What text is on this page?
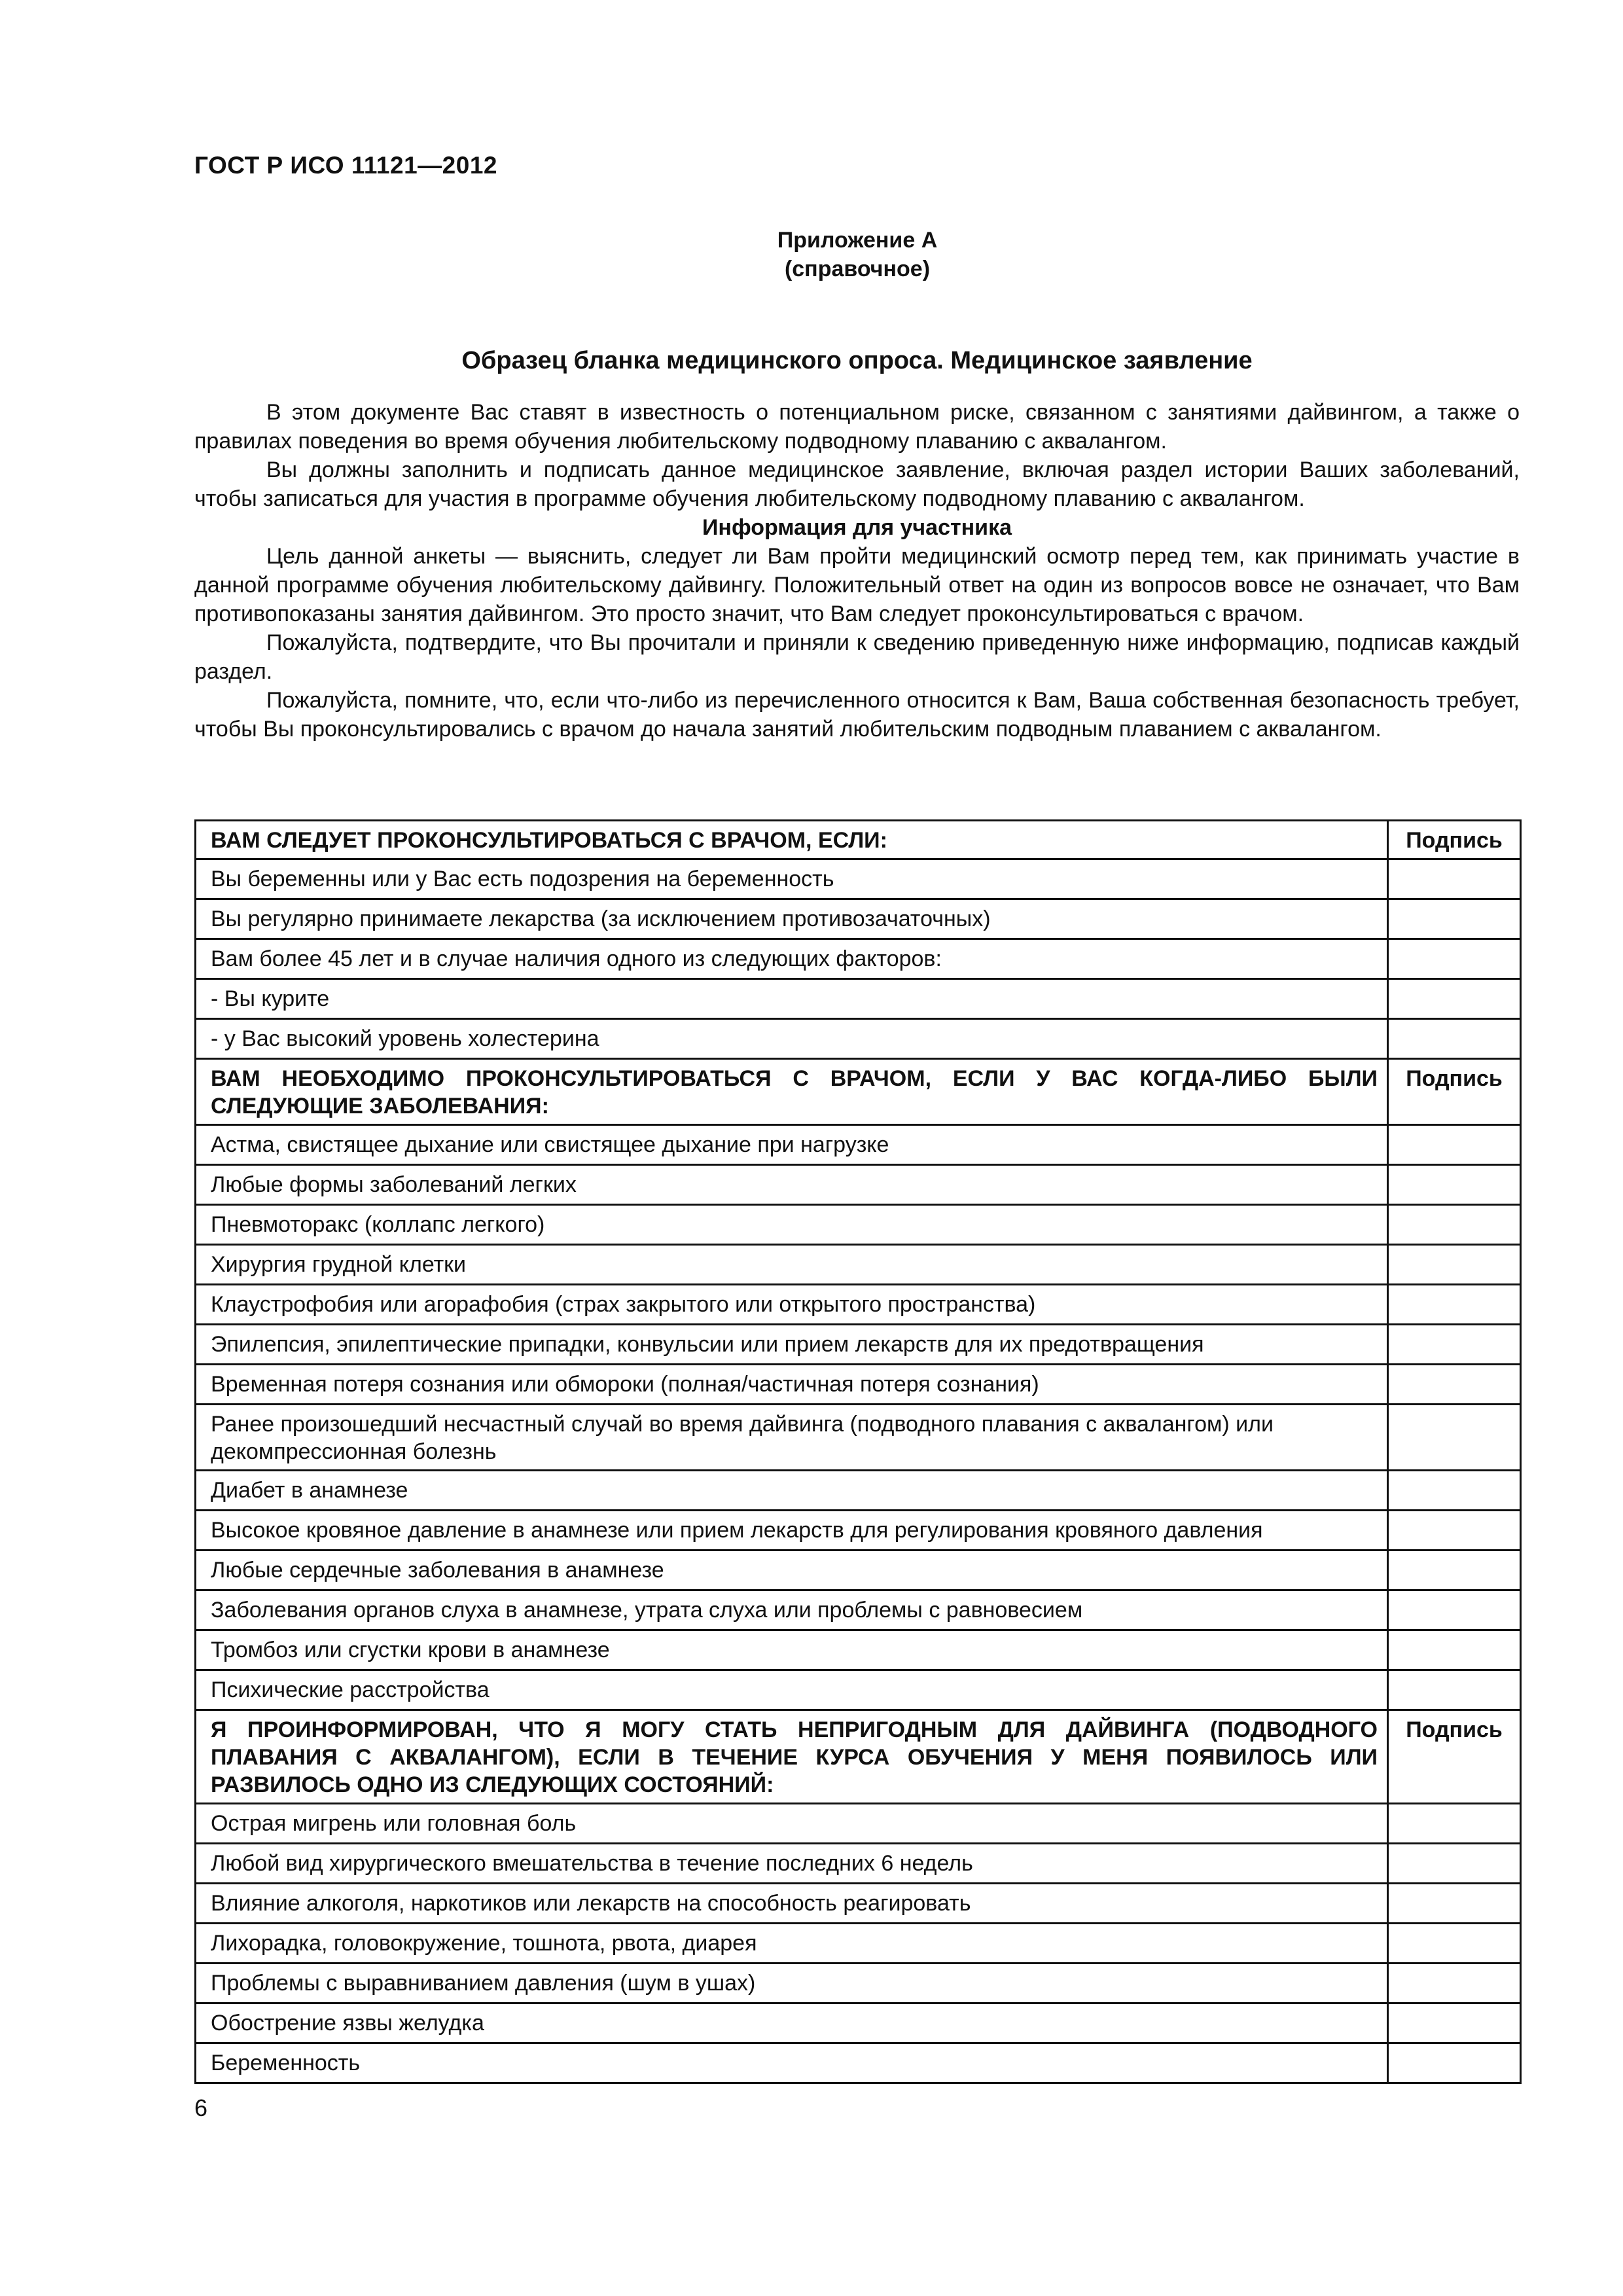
ГОСТ Р ИСО 11121—2012
Приложение А
(справочное)
Образец бланка медицинского опроса. Медицинское заявление

В этом документе Вас ставят в известность о потенциальном риске, связанном с занятиями дайвингом, а также о правилах поведения во время обучения любительскому подводному плаванию с аквалангом.

Вы должны заполнить и подписать данное медицинское заявление, включая раздел истории Ваших заболеваний, чтобы записаться для участия в программе обучения любительскому подводному плаванию с аквалангом.

Информация для участника

Цель данной анкеты — выяснить, следует ли Вам пройти медицинский осмотр перед тем, как принимать участие в данной программе обучения любительскому дайвингу. Положительный ответ на один из вопросов вовсе не означает, что Вам противопоказаны занятия дайвингом. Это просто значит, что Вам следует проконсультироваться с врачом.

Пожалуйста, подтвердите, что Вы прочитали и приняли к сведению приведенную ниже информацию, подписав каждый раздел.

Пожалуйста, помните, что, если что-либо из перечисленного относится к Вам, Ваша собственная безопасность требует, чтобы Вы проконсультировались с врачом до начала занятий любительским подводным плаванием с аквалангом.

ВАМ СЛЕДУЕТ ПРОКОНСУЛЬТИРОВАТЬСЯ С ВРАЧОМ, ЕСЛИ:	Подпись
Вы беременны или у Вас есть подозрения на беременность	
Вы регулярно принимаете лекарства (за исключением противозачаточных)	
Вам более 45 лет и в случае наличия одного из следующих факторов:	
- Вы курите	
- у Вас высокий уровень холестерина	
ВАМ НЕОБХОДИМО ПРОКОНСУЛЬТИРОВАТЬСЯ С ВРАЧОМ, ЕСЛИ У ВАС КОГДА-ЛИБО БЫЛИ СЛЕДУЮЩИЕ ЗАБОЛЕВАНИЯ:	Подпись
Астма, свистящее дыхание или свистящее дыхание при нагрузке	
Любые формы заболеваний легких	
Пневмоторакс (коллапс легкого)	
Хирургия грудной клетки	
Клаустрофобия или агорафобия (страх закрытого или открытого пространства)	
Эпилепсия, эпилептические припадки, конвульсии или прием лекарств для их предотвращения	
Временная потеря сознания или обмороки (полная/частичная потеря сознания)	
Ранее произошедший несчастный случай во время дайвинга (подводного плавания с аквалангом) или декомпрессионная болезнь	
Диабет в анамнезе	
Высокое кровяное давление в анамнезе или прием лекарств для регулирования кровяного давления	
Любые сердечные заболевания в анамнезе	
Заболевания органов слуха в анамнезе, утрата слуха или проблемы с равновесием	
Тромбоз или сгустки крови в анамнезе	
Психические расстройства	
Я ПРОИНФОРМИРОВАН, ЧТО Я МОГУ СТАТЬ НЕПРИГОДНЫМ ДЛЯ ДАЙВИНГА (ПОДВОДНОГО ПЛАВАНИЯ С АКВАЛАНГОМ), ЕСЛИ В ТЕЧЕНИЕ КУРСА ОБУЧЕНИЯ У МЕНЯ ПОЯВИЛОСЬ ИЛИ РАЗВИЛОСЬ ОДНО ИЗ СЛЕДУЮЩИХ СОСТОЯНИЙ:	Подпись
Острая мигрень или головная боль	
Любой вид хирургического вмешательства в течение последних 6 недель	
Влияние алкоголя, наркотиков или лекарств на способность реагировать	
Лихорадка, головокружение, тошнота, рвота, диарея	
Проблемы с выравниванием давления (шум в ушах)	
Обострение язвы желудка	
Беременность	
6
